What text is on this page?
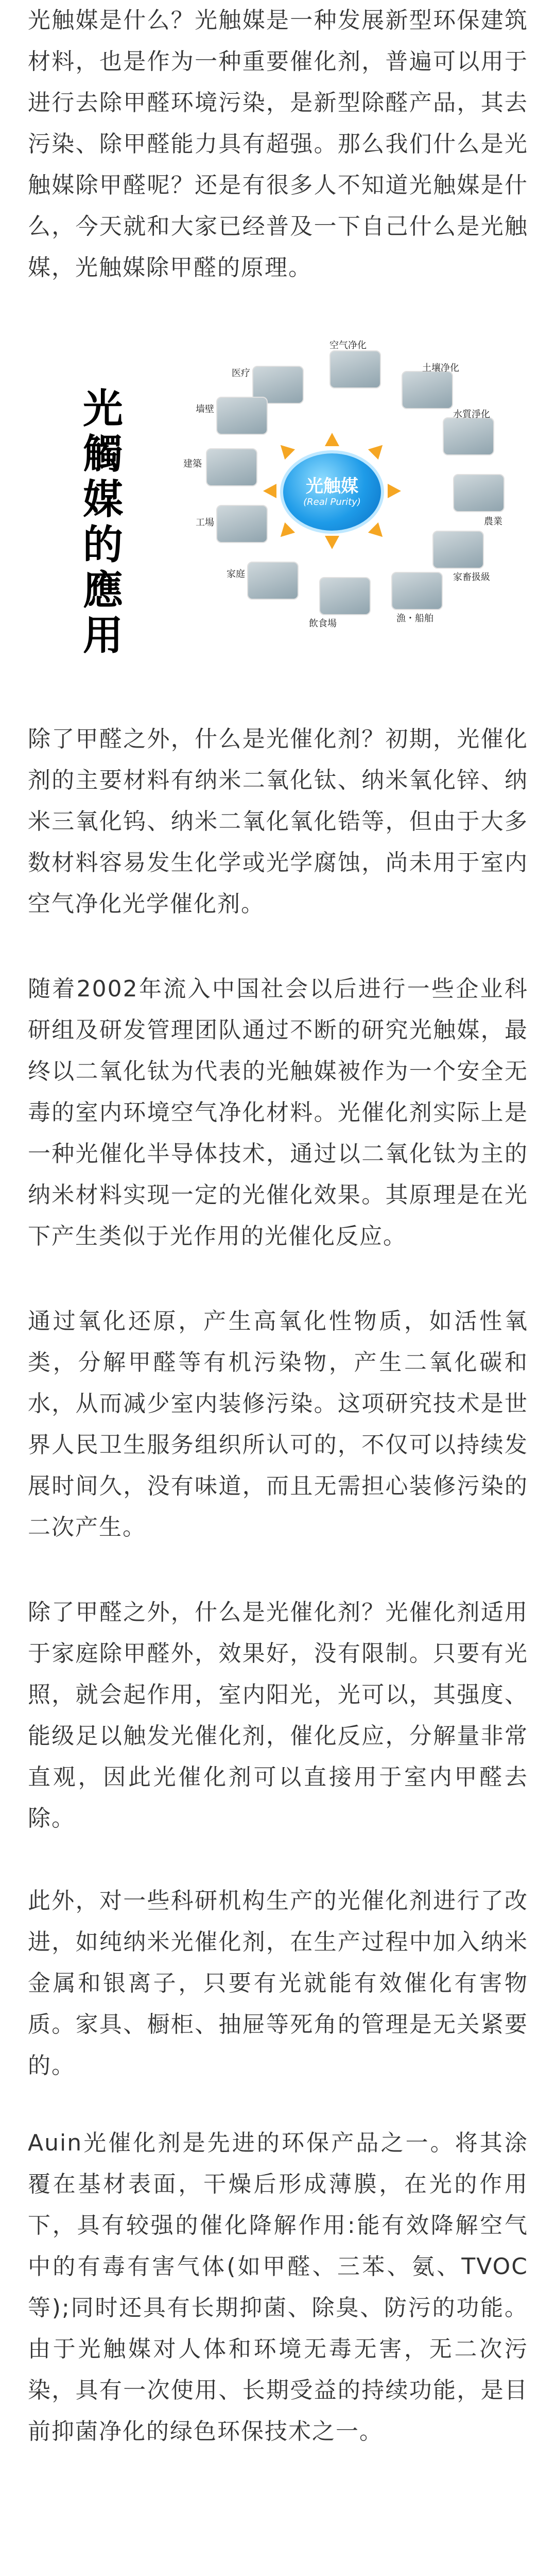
光触媒是什么？光触媒是一种发展新型环保建筑材料，也是作为一种重要催化剂，普遍可以用于进行去除甲醛环境污染，是新型除醛产品，其去污染、除甲醛能力具有超强。那么我们什么是光触媒除甲醛呢？还是有很多人不知道光触媒是什么，今天就和大家已经普及一下自己什么是光触媒，光触媒除甲醛的原理。

光
觸
媒
的
應
用
光触媒
(Real Purity)
医疗
空气净化
土壤净化
水質淨化
農業
家畜扱級
漁・船舶
飲食場
家庭
工場
建築
墙壁

除了甲醛之外，什么是光催化剂？初期，光催化剂的主要材料有纳米二氧化钛、纳米氧化锌、纳米三氧化钨、纳米二氧化氧化锆等，但由于大多数材料容易发生化学或光学腐蚀，尚未用于室内空气净化光学催化剂。

随着2002年流入中国社会以后进行一些企业科研组及研发管理团队通过不断的研究光触媒，最终以二氧化钛为代表的光触媒被作为一个安全无毒的室内环境空气净化材料。光催化剂实际上是一种光催化半导体技术，通过以二氧化钛为主的纳米材料实现一定的光催化效果。其原理是在光下产生类似于光作用的光催化反应。

通过氧化还原，产生高氧化性物质，如活性氧类，分解甲醛等有机污染物，产生二氧化碳和水，从而减少室内装修污染。这项研究技术是世界人民卫生服务组织所认可的，不仅可以持续发展时间久，没有味道，而且无需担心装修污染的二次产生。

除了甲醛之外，什么是光催化剂？光催化剂适用于家庭除甲醛外，效果好，没有限制。只要有光照，就会起作用，室内阳光，光可以，其强度、能级足以触发光催化剂，催化反应，分解量非常直观，因此光催化剂可以直接用于室内甲醛去除。

此外，对一些科研机构生产的光催化剂进行了改进，如纯纳米光催化剂，在生产过程中加入纳米金属和银离子，只要有光就能有效催化有害物质。家具、橱柜、抽屉等死角的管理是无关紧要的。

Auin光催化剂是先进的环保产品之一。将其涂覆在基材表面，干燥后形成薄膜，在光的作用下，具有较强的催化降解作用:能有效降解空气中的有毒有害气体(如甲醛、三苯、氨、TVOC等);同时还具有长期抑菌、除臭、防污的功能。由于光触媒对人体和环境无毒无害，无二次污染，具有一次使用、长期受益的持续功能，是目前抑菌净化的绿色环保技术之一。
